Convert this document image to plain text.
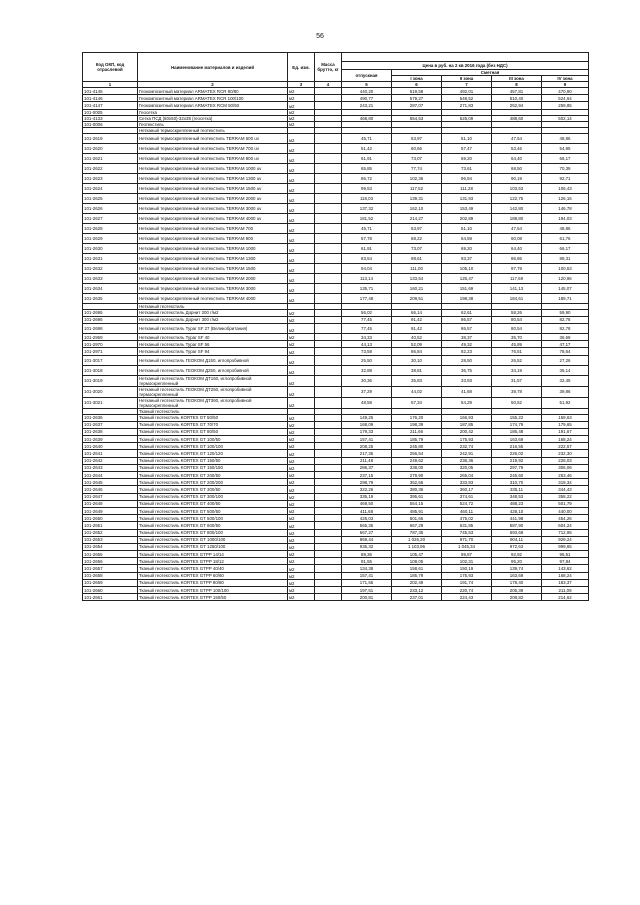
56
Код ОКП, код отраслевой	Наименование материалов и изделий	Ед. изм.	Масса брутто, кг					
				Цена в руб. на 2 кв 2016 года (без НДС)				
				отпускная	Сметная			
					I зона	II зона	III зона	IV зона
1	2	3	4	5	6	7	8	9
101-4145	Геокомпозитный материал ARMATEX RCR 80/80	м2		440,20	519,58	492,01	457,81	470,90
101-4146	Геокомпозитный материал ARMATEX RCR 100/100	м2		490,77	579,27	548,52	510,40	524,64
101-4147	Геокомпозитный материал ARMATEX RCM 50/50	м2		243,21	287,07	271,83	252,94	259,85
101-0005	Геосетка	м2						
101-4133	Сетка ПСД (50х50)-32х38 (геосетка)	м2		468,80	554,53	525,09	488,60	502,14
101-0006	Геотекстиль	м2						
	Нетканый термоскрепленный геотекстиль							
101-2619	Нетканый термоскрепленный геотекстиль TERRAM 500 uv	м2		45,71	53,97	51,10	47,54	48,86
101-2620	Нетканый термоскрепленный геотекстиль TERRAM 700 uv	м2		51,42	60,66	57,47	53,46	54,95
101-2621	Нетканый термоскрепленный геотекстиль TERRAM 800 uv	м2		61,91	73,07	69,20	64,40	66,17
101-2622	Нетканый термоскрепленный геотекстиль TERRAM 1000 uv	м2		65,85	77,74	73,61	68,50	70,39
101-2623	Нетканый термоскрепленный геотекстиль TERRAM 1300 uv	м2		86,72	102,36	96,94	90,19	92,71
101-2624	Нетканый термоскрепленный геотекстиль TERRAM 1500 uv	м2		99,53	117,52	111,28	103,53	106,43
101-2625	Нетканый термоскрепленный геотекстиль TERRAM 2000 uv	м2		118,03	139,31	131,93	122,75	126,16
101-2626	Нетканый термоскрепленный геотекстиль TERRAM 3000 uv	м2		137,32	162,10	153,49	142,80	146,78
101-2627	Нетканый термоскрепленный геотекстиль TERRAM 4000 uv	м2		181,52	214,27	202,89	188,80	194,03
101-2628	Нетканый термоскрепленный геотекстиль TERRAM 700	м2		45,71	53,97	51,10	47,54	48,86
101-2629	Нетканый термоскрепленный геотекстиль TERRAM 900	м2		57,78	68,22	64,59	60,08	61,76
101-2630	Нетканый термоскрепленный геотекстиль TERRAM 1000	м2		61,91	73,07	69,20	64,40	66,17
101-2631	Нетканый термоскрепленный геотекстиль TERRAM 1300	м2		83,54	98,61	93,37	86,86	89,31
101-2632	Нетканый термоскрепленный геотекстиль TERRAM 1500	м2		94,04	111,00	105,10	97,79	100,53
101-2633	Нетканый термоскрепленный геотекстиль TERRAM 2000	м2		113,14	133,54	126,47	117,69	120,96
101-2634	Нетканый термоскрепленный геотекстиль TERRAM 3000	м2		135,71	160,21	151,69	141,13	145,07
101-2635	Нетканый термоскрепленный геотекстиль TERRAM 4000	м2		177,48	209,51	198,38	184,61	189,71
	Нетканый геотекстиль							
101-2695	Нетканый геотекстиль Дорнит 200 г/м2	м2		56,02	66,14	62,61	58,26	59,90
101-2696	Нетканый геотекстиль Дорнит 300 г/м2	м2		77,45	91,42	86,57	80,54	82,78
101-2698	Нетканый геотекстиль Typar SF 27 (Великобритания)	м2		77,45	91,42	86,57	80,54	82,78
101-2969	Нетканый геотекстиль Typar SF 40	м2		34,33	40,52	38,37	35,70	36,69
101-2970	Нетканый геотекстиль Typar SF 56	м2		44,13	52,09	49,32	45,89	47,17
101-2971	Нетканый геотекстиль Typar SF 94	м2		73,58	86,84	82,23	76,51	78,64
101-3017	Нетканый геотекстиль ГЕОКОМ Д150, иглопробивной	м2		25,50	30,10	28,50	26,52	27,26
101-3018	Нетканый геотекстиль ГЕОКОМ Д250, иглопробивной	м2		32,88	38,81	36,75	34,19	35,14
101-3019	Нетканый геотекстиль ГЕОКОМ ДТ160, иглопробивной термоскрепленный	м2		30,36	35,83	33,93	31,57	32,45
101-3020	Нетканый геотекстиль ГЕОКОМ ДТ250, иглопробивной термоскрепленный	м2		37,29	44,02	41,68	38,78	39,86
101-3021	Нетканый геотекстиль ГЕОКОМ ДТ360, иглопробивной термоскрепленный	м2		48,58	57,34	54,29	50,52	51,92
	Тканый геотекстиль							
101-2636	Тканый геотекстиль KORTEX GT 50/50	м2		149,25	176,20	166,93	155,22	159,63
101-2637	Тканый геотекстиль KORTEX GT 70/70	м2		168,09	198,39	187,85	174,79	179,65
101-2638	Тканый геотекстиль KORTEX GT 80/50	м2		179,33	211,66	200,42	186,48	191,67
101-2639	Тканый геотекстиль KORTEX GT 100/50	м2		157,41	185,79	175,93	163,69	168,24
101-2640	Тканый геотекстиль KORTEX GT 100/100	м2		208,25	245,80	232,74	216,55	222,57
101-2641	Тканый геотекстиль KORTEX GT 120/120	м2		217,35	256,54	242,91	226,02	232,30
101-2642	Тканый геотекстиль KORTEX GT 150/50	м2		211,48	249,62	236,36	219,92	226,03
101-2643	Тканый геотекстиль KORTEX GT 150/150	м2		286,37	338,00	320,05	297,79	306,06
101-2644	Тканый геотекстиль KORTEX GT 200/50	м2		237,15	279,90	265,04	246,60	253,46
101-2645	Тканый геотекстиль KORTEX GT 200/200	м2		298,79	352,66	333,93	310,70	319,34
101-2646	Тканый геотекстиль KORTEX GT 300/50	м2		322,26	380,36	360,17	335,11	344,43
101-2647	Тканый геотекстиль KORTEX GT 300/100	м2		335,19	395,61	374,61	348,53	358,22
101-2648	Тканый геотекстиль KORTEX GT 400/50	м2		469,50	554,15	524,72	488,23	501,79
101-2649	Тканый геотекстиль KORTEX GT 500/50	м2		411,68	485,91	460,11	428,10	440,00
101-2650	Тканый геотекстиль KORTEX GT 500/100	м2		425,03	501,66	475,02	441,98	454,26
101-2651	Тканый геотекстиль KORTEX GT 600/50	м2		565,35	667,29	631,85	587,90	604,24
101-2652	Тканый геотекстиль KORTEX GT 800/100	м2		667,27	787,35	745,53	693,68	712,95
101-2653	Тканый геотекстиль KORTEX GT 1000/100	м2		869,44	1 026,20	971,70	904,11	929,24
101-2654	Тканый геотекстиль KORTEX GT 1250/100	м2		935,32	1 103,96	1 045,34	972,63	999,65
101-2655	Тканый геотекстиль KORTEX GTPP 14/14	м2		89,36	105,47	99,87	92,92	95,51
101-2656	Тканый геотекстиль KORTEX GTPP 18/12	м2		91,55	108,05	102,31	95,20	97,84
101-2657	Тканый геотекстиль KORTEX GTPP 40/40	м2		134,38	158,61	150,19	139,74	143,62
101-2658	Тканый геотекстиль KORTEX GTPP 60/60	м2		157,41	185,79	175,93	163,69	168,24
101-2659	Тканый геотекстиль KORTEX GTPP 80/80	м2		171,55	202,49	191,74	178,40	183,37
101-2660	Тканый геотекстиль KORTEX GTPP 100/100	м2		197,51	233,12	220,74	205,39	211,09
101-2661	Тканый геотекстиль KORTEX GTPP 150/50	м2		200,81	237,01	224,43	208,82	214,62
